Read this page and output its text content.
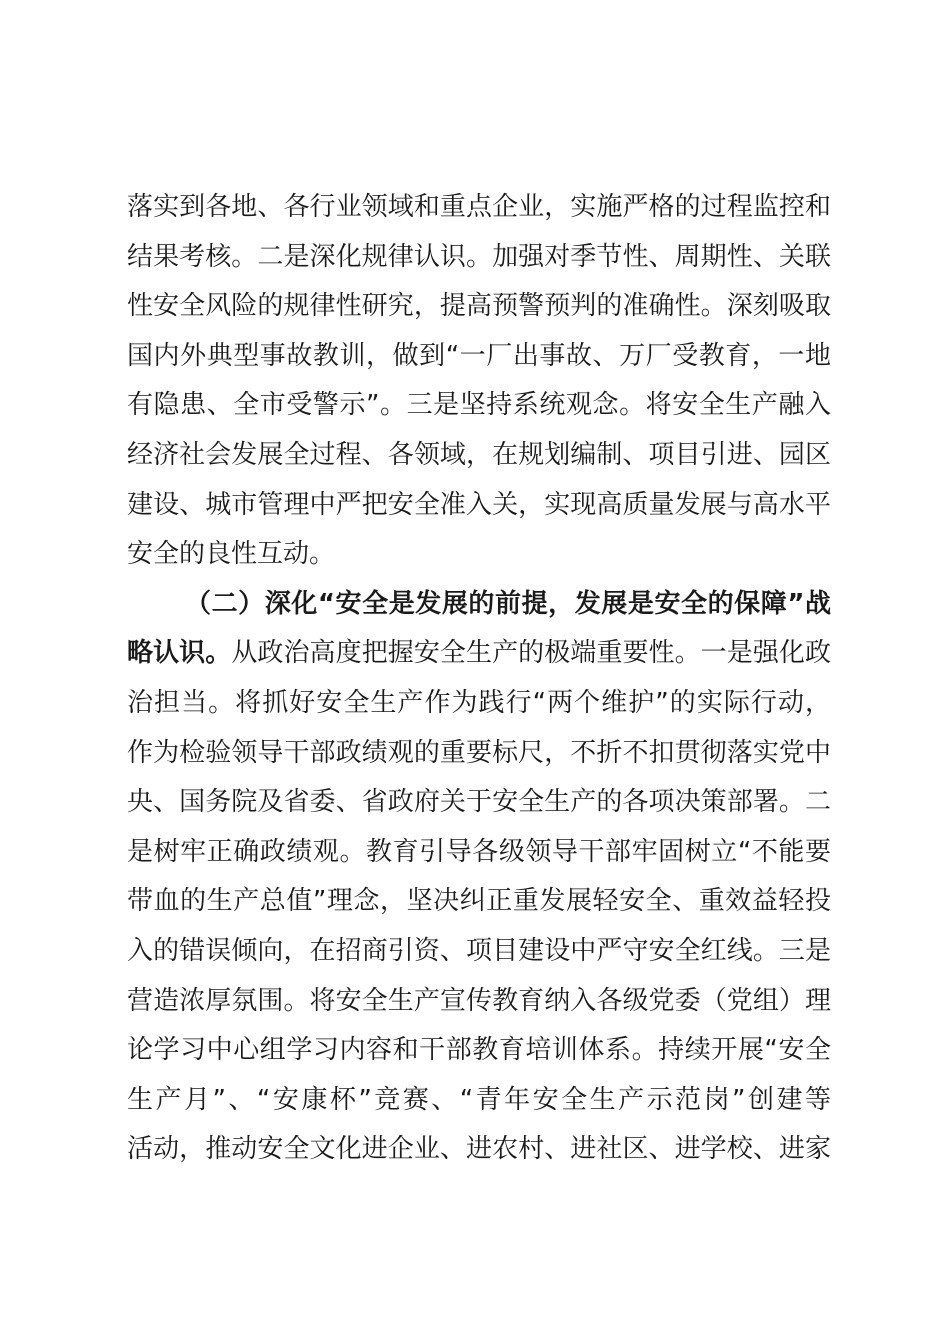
落实到各地、各行业领域和重点企业，实施严格的过程监控和
结果考核。二是深化规律认识。加强对季节性、周期性、关联
性安全风险的规律性研究，提高预警预判的准确性。深刻吸取
国内外典型事故教训，做到“一厂出事故、万厂受教育，一地
有隐患、全市受警示”。三是坚持系统观念。将安全生产融入
经济社会发展全过程、各领域，在规划编制、项目引进、园区
建设、城市管理中严把安全准入关，实现高质量发展与高水平
安全的良性互动。
（二）深化“安全是发展的前提，发展是安全的保障”战
略认识。从政治高度把握安全生产的极端重要性。一是强化政
治担当。将抓好安全生产作为践行“两个维护”的实际行动，
作为检验领导干部政绩观的重要标尺，不折不扣贯彻落实党中
央、国务院及省委、省政府关于安全生产的各项决策部署。二
是树牢正确政绩观。教育引导各级领导干部牢固树立“不能要
带血的生产总值”理念，坚决纠正重发展轻安全、重效益轻投
入的错误倾向，在招商引资、项目建设中严守安全红线。三是
营造浓厚氛围。将安全生产宣传教育纳入各级党委（党组）理
论学习中心组学习内容和干部教育培训体系。持续开展“安全
生产月”、“安康杯”竞赛、“青年安全生产示范岗”创建等
活动，推动安全文化进企业、进农村、进社区、进学校、进家
